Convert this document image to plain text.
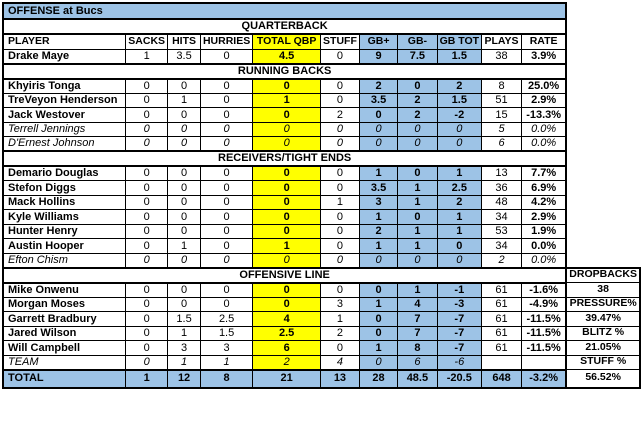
OFFENSE at Bucs											
QUARTERBACK											
PLAYER	SACKS	HITS	HURRIES	TOTAL QBP	STUFF	GB+	GB-	GB TOT	PLAYS	RATE	
Drake Maye	1	3.5	0	4.5	0	9	7.5	1.5	38	3.9%	
RUNNING BACKS											
Khyiris Tonga	0	0	0	0	0	2	0	2	8	25.0%	
TreVeyon Henderson	0	1	0	1	0	3.5	2	1.5	51	2.9%	
Jack Westover	0	0	0	0	2	0	2	-2	15	-13.3%	
Terrell Jennings	0	0	0	0	0	0	0	0	5	0.0%	
D'Ernest Johnson	0	0	0	0	0	0	0	0	6	0.0%	
RECEIVERS/TIGHT ENDS											
Demario Douglas	0	0	0	0	0	1	0	1	13	7.7%	
Stefon Diggs	0	0	0	0	0	3.5	1	2.5	36	6.9%	
Mack Hollins	0	0	0	0	1	3	1	2	48	4.2%	
Kyle Williams	0	0	0	0	0	1	0	1	34	2.9%	
Hunter Henry	0	0	0	0	0	2	1	1	53	1.9%	
Austin Hooper	0	1	0	1	0	1	1	0	34	0.0%	
Efton Chism	0	0	0	0	0	0	0	0	2	0.0%	
OFFENSIVE LINE											DROPBACKS
Mike Onwenu	0	0	0	0	0	0	1	-1	61	-1.6%	38
Morgan Moses	0	0	0	0	3	1	4	-3	61	-4.9%	PRESSURE%
Garrett Bradbury	0	1.5	2.5	4	1	0	7	-7	61	-11.5%	39.47%
Jared Wilson	0	1	1.5	2.5	2	0	7	-7	61	-11.5%	BLITZ %
Will Campbell	0	3	3	6	0	1	8	-7	61	-11.5%	21.05%
TEAM	0	1	1	2	4	0	6	-6			STUFF %
TOTAL	1	12	8	21	13	28	48.5	-20.5	648	-3.2%	56.52%
